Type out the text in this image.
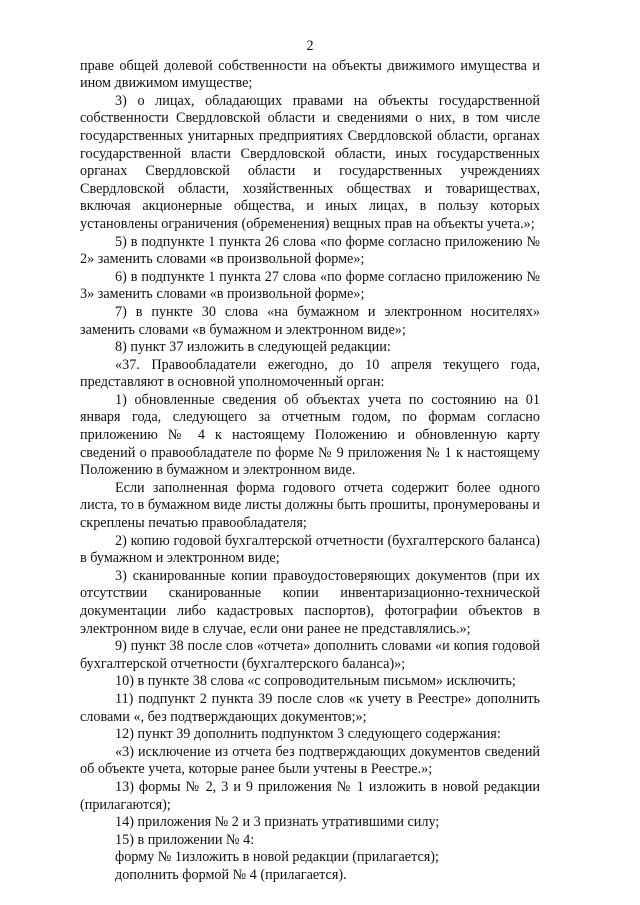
2

праве общей долевой собственности на объекты движимого имущества и ином движимом имуществе;

3) о лицах, обладающих правами на объекты государственной собственности Свердловской области и сведениями о них, в том числе государственных унитарных предприятиях Свердловской области, органах государственной власти Свердловской области, иных государственных органах Свердловской области и государственных учреждениях Свердловской области, хозяйственных обществах и товариществах, включая акционерные общества, и иных лицах, в пользу которых установлены ограничения (обременения) вещных прав на объекты учета.»;

5) в подпункте 1 пункта 26 слова «по форме согласно приложению № 2» заменить словами «в произвольной форме»;

6) в подпункте 1 пункта 27 слова «по форме согласно приложению № 3» заменить словами «в произвольной форме»;

7) в пункте 30 слова «на бумажном и электронном носителях» заменить словами «в бумажном и электронном виде»;

8) пункт 37 изложить в следующей редакции:

«37. Правообладатели ежегодно, до 10 апреля текущего года, представляют в основной уполномоченный орган:

1) обновленные сведения об объектах учета по состоянию на 01 января года, следующего за отчетным годом, по формам согласно приложению № 4 к настоящему Положению и обновленную карту сведений о правообладателе по форме № 9 приложения № 1 к настоящему Положению в бумажном и электронном виде.

Если заполненная форма годового отчета содержит более одного листа, то в бумажном виде листы должны быть прошиты, пронумерованы и скреплены печатью правообладателя;

2) копию годовой бухгалтерской отчетности (бухгалтерского баланса) в бумажном и электронном виде;

3) сканированные копии правоудостоверяющих документов (при их отсутствии сканированные копии инвентаризационно-технической документации либо кадастровых паспортов), фотографии объектов в электронном виде в случае, если они ранее не представлялись.»;

9) пункт 38 после слов «отчета» дополнить словами «и копия годовой бухгалтерской отчетности (бухгалтерского баланса)»;

10) в пункте 38 слова «с сопроводительным письмом» исключить;

11) подпункт 2 пункта 39 после слов «к учету в Реестре» дополнить словами «, без подтверждающих документов;»;

12) пункт 39 дополнить подпунктом 3 следующего содержания:

«3) исключение из отчета без подтверждающих документов сведений об объекте учета, которые ранее были учтены в Реестре.»;

13) формы № 2, 3 и 9 приложения № 1 изложить в новой редакции (прилагаются);

14) приложения № 2 и 3 признать утратившими силу;

15) в приложении № 4:

форму № 1изложить в новой редакции (прилагается);

дополнить формой № 4 (прилагается).
